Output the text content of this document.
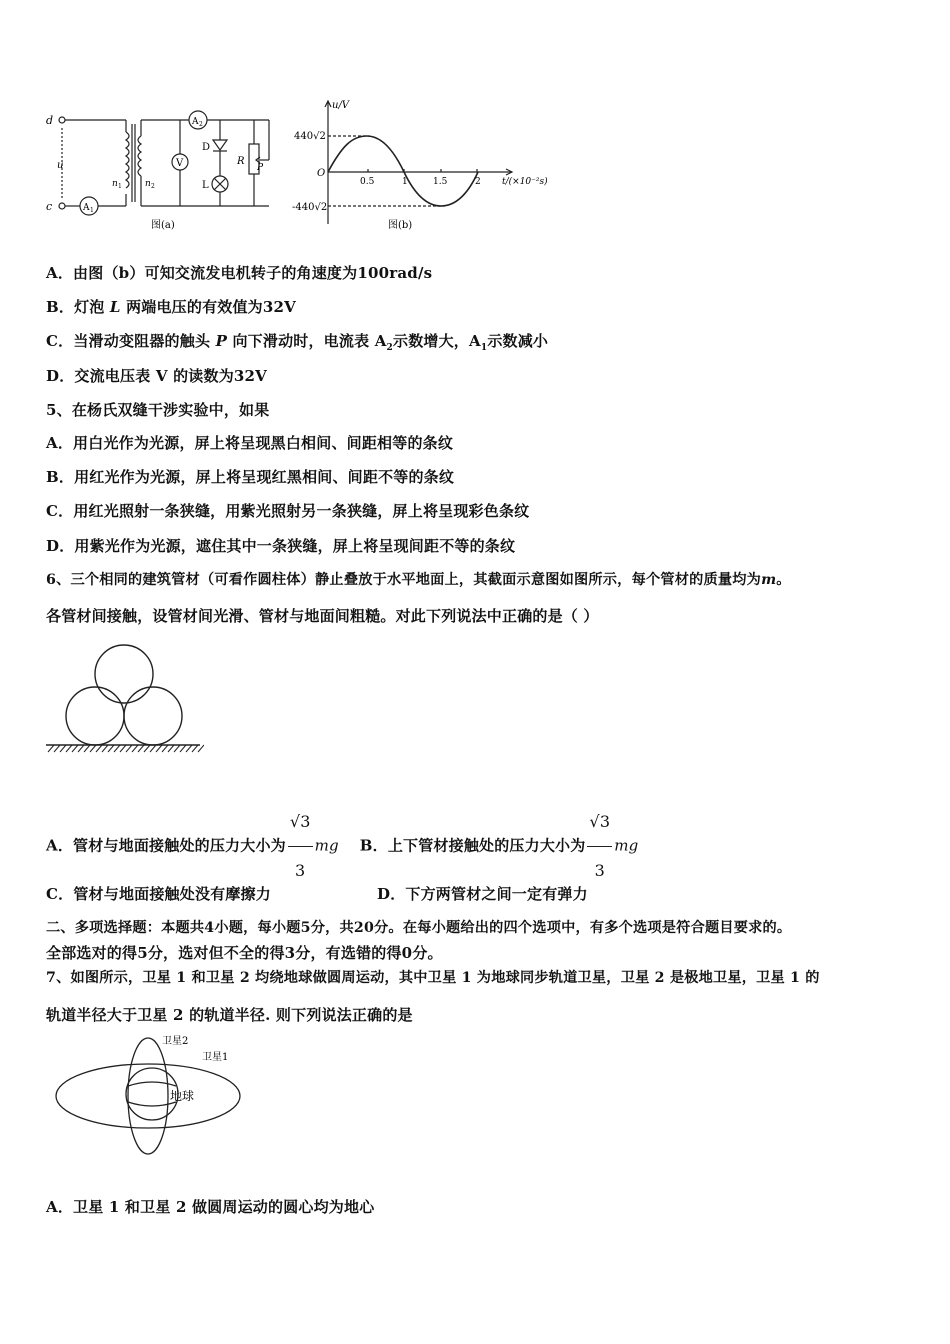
d
c
u
n 1	n 2
A 1
A 2
V
D
L
R
P
图(a)
u/V
440√2
-440√2
O
0.5	1	1.5	2 t/(×10⁻²s)
图(b)
A．由图（b）可知交流发电机转子的角速度为100rad/s
B．灯泡 L 两端电压的有效值为32V
C．当滑动变阻器的触头 P 向下滑动时，电流表 $A_2$示数增大，$A_1$示数减小
D．交流电压表 V 的读数为32V
5、在杨氏双缝干涉实验中，如果
A．用白光作为光源，屏上将呈现黑白相间、间距相等的条纹
B．用红光作为光源，屏上将呈现红黑相间、间距不等的条纹
C．用红光照射一条狭缝，用紫光照射另一条狭缝，屏上将呈现彩色条纹
D．用紫光作为光源，遮住其中一条狭缝，屏上将呈现间距不等的条纹
6、三个相同的建筑管材（可看作圆柱体）静止叠放于水平地面上，其截面示意图如图所示，每个管材的质量均为m。
各管材间接触，设管材间光滑、管材与地面间粗糙。对此下列说法中正确的是（ ）
A．管材与地面接触处的压力大小为 $\frac{√3}{3}$ mg B．上下管材接触处的压力大小为 $\frac{√3}{3}$ mg
C．管材与地面接触处没有摩擦力	D．下方两管材之间一定有弹力
二、多项选择题：本题共4小题，每小题5分，共20分。在每小题给出的四个选项中，有多个选项是符合题目要求的。
全部选对的得5分，选对但不全的得3分，有选错的得0分。
7、如图所示，卫星 1 和卫星 2 均绕地球做圆周运动，其中卫星 1 为地球同步轨道卫星，卫星 2 是极地卫星，卫星 1 的
轨道半径大于卫星 2 的轨道半径. 则下列说法正确的是
卫星2
卫星1
地球
A．卫星 1 和卫星 2 做圆周运动的圆心均为地心
